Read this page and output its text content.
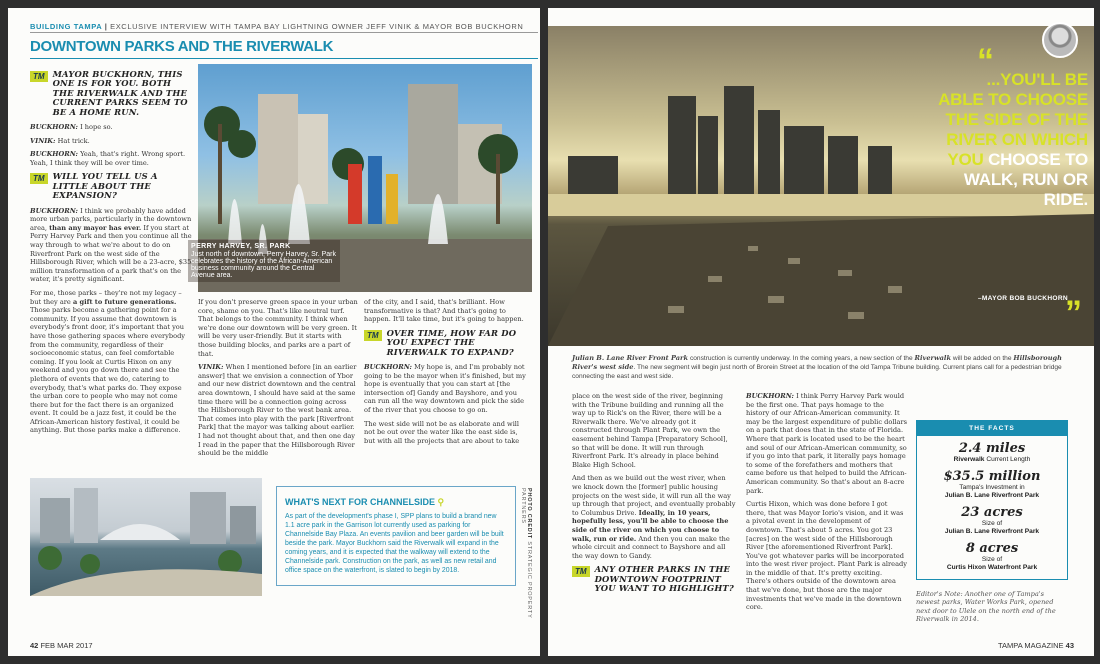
BUILDING TAMPA | EXCLUSIVE INTERVIEW WITH TAMPA BAY LIGHTNING OWNER JEFF VINIK & MAYOR BOB BUCKHORN
DOWNTOWN PARKS AND THE RIVERWALK
TM MAYOR BUCKHORN, THIS ONE IS FOR YOU. BOTH THE RIVERWALK AND THE CURRENT PARKS SEEM TO BE A HOME RUN.

BUCKHORN: I hope so.

VINIK: Hat trick.

BUCKHORN: Yeah, that's right. Wrong sport. Yeah, I think they will be over time.

TM WILL YOU TELL US A LITTLE ABOUT THE EXPANSION?

BUCKHORN: I think we probably have added more urban parks, particularly in the downtown area, than any mayor has ever. If you start at Perry Harvey Park and then you continue all the way through to what we're about to do on Riverfront Park on the west side of the Hillsborough River, which will be a 23-acre, $35 million transformation of a park that's on the water, it's pretty significant.

For me, those parks – they're not my legacy – but they are a gift to future generations. Those parks become a gathering point for a community. If you assume that downtown is everybody's front door, it's important that you have those gathering spaces where everybody from the community, regardless of their socioeconomic status, can feel comfortable coming. If you look at Curtis Hixon on any weekend and you go down there and see the plethora of events that we do, catering to everybody, that's what parks do. They expose the urban core to people who may not come there but for the fact there is an organized event. It could be a jazz fest, it could be the African-American history festival, it could be anything. But those parks make a difference.

PERRY HARVEY, SR. PARK
Just north of downtown, Perry Harvey, Sr. Park celebrates the history of the African-American business community around the Central Avenue area.

If you don't preserve green space in your urban core, shame on you. That's like neutral turf. That belongs to the community. I think when we're done our downtown will be very green. It will be very user-friendly. But it starts with those building blocks, and parks are a part of that.

VINIK: When I mentioned before [in an earlier answer] that we envision a connection of Ybor and our new district downtown and the central area downtown, I should have said at the same time there will be a connection going across the Hillsborough River to the west bank area. That comes into play with the park [Riverfront Park] that the mayor was talking about earlier. I had not thought about that, and then one day I read in the paper that the Hillsborough River should be the middle

of the city, and I said, that's brilliant. How transformative is that? And that's going to happen. It'll take time, but it's going to happen.

TM OVER TIME, HOW FAR DO YOU EXPECT THE RIVERWALK TO EXPAND?

BUCKHORN: My hope is, and I'm probably not going to be the mayor when it's finished, but my hope is eventually that you can start at [the intersection of] Gandy and Bayshore, and you can run all the way downtown and pick the side of the river that you choose to go on.

The west side will not be as elaborate and will not be out over the water like the east side is, but with all the projects that are about to take

WHAT'S NEXT FOR CHANNELSIDE ⚲

As part of the development's phase I, SPP plans to build a brand new 1.1 acre park in the Garrison lot currently used as parking for Channelside Bay Plaza. An events pavilion and beer garden will be built beside the park. Mayor Buckhorn said the Riverwalk will expand in the coming years, and it is expected that the walkway will extend to the Channelside park. Construction on the park, as well as new retail and office space on the waterfront, is slated to begin by 2018.

PHOTO CREDIT STRATEGIC PROPERTY PARTNERS
42 FEB MAR 2017
“
...YOU'LL BE ABLE TO CHOOSE THE SIDE OF THE RIVER ON WHICH YOU CHOOSE TO WALK, RUN OR RIDE.
–MAYOR BOB BUCKHORN
”
Julian B. Lane River Front Park construction is currently underway. In the coming years, a new section of the Riverwalk will be added on the Hillsborough River's west side. The new segment will begin just north of Brorein Street at the location of the old Tampa Tribune building. Current plans call for a pedestrian bridge connecting the east and west side.

place on the west side of the river, beginning with the Tribune building and running all the way up to Rick's on the River, there will be a Riverwalk there. We've already got it constructed through Plant Park, we own the easement behind Tampa [Preparatory School], so that will be done. It will run through Riverfront Park. It's already in place behind Blake High School.

And then as we build out the west river, when we knock down the [former] public housing projects on the west side, it will run all the way up through that project, and eventually probably to Columbus Drive. Ideally, in 10 years, hopefully less, you'll be able to choose the side of the river on which you choose to walk, run or ride. And then you can make the whole circuit and connect to Bayshore and all the way down to Gandy.

TM ANY OTHER PARKS IN THE DOWNTOWN FOOTPRINT YOU WANT TO HIGHLIGHT?

BUCKHORN: I think Perry Harvey Park would be the first one. That pays homage to the history of our African-American community. It may be the largest expenditure of public dollars on a park that does that in the state of Florida. Where that park is located used to be the heart and soul of our African-American community, so if you go into that park, it literally pays homage to some of the forefathers and mothers that came before us that helped to build the African-American community. So that's about an 8-acre park.

Curtis Hixon, which was done before I got there, that was Mayor Iorio's vision, and it was a pivotal event in the development of downtown. That's about 5 acres. You got 23 [acres] on the west side of the Hillsborough River [the aforementioned Riverfront Park]. You've got whatever parks will be incorporated into the west river project. Plant Park is already in the middle of that. It's pretty exciting. There's others outside of the downtown area that we've done, but those are the major investments that we've made in the downtown core.

THE FACTS
2.4 miles
Riverwalk Current Length
$35.5 million
Tampa's Investment in
Julian B. Lane Riverfront Park
23 acres
Size of
Julian B. Lane Riverfront Park
8 acres
Size of
Curtis Hixon Waterfront Park
Editor's Note: Another one of Tampa's newest parks, Water Works Park, opened next door to Ulele on the north end of the Riverwalk in 2014.
TAMPA MAGAZINE 43
